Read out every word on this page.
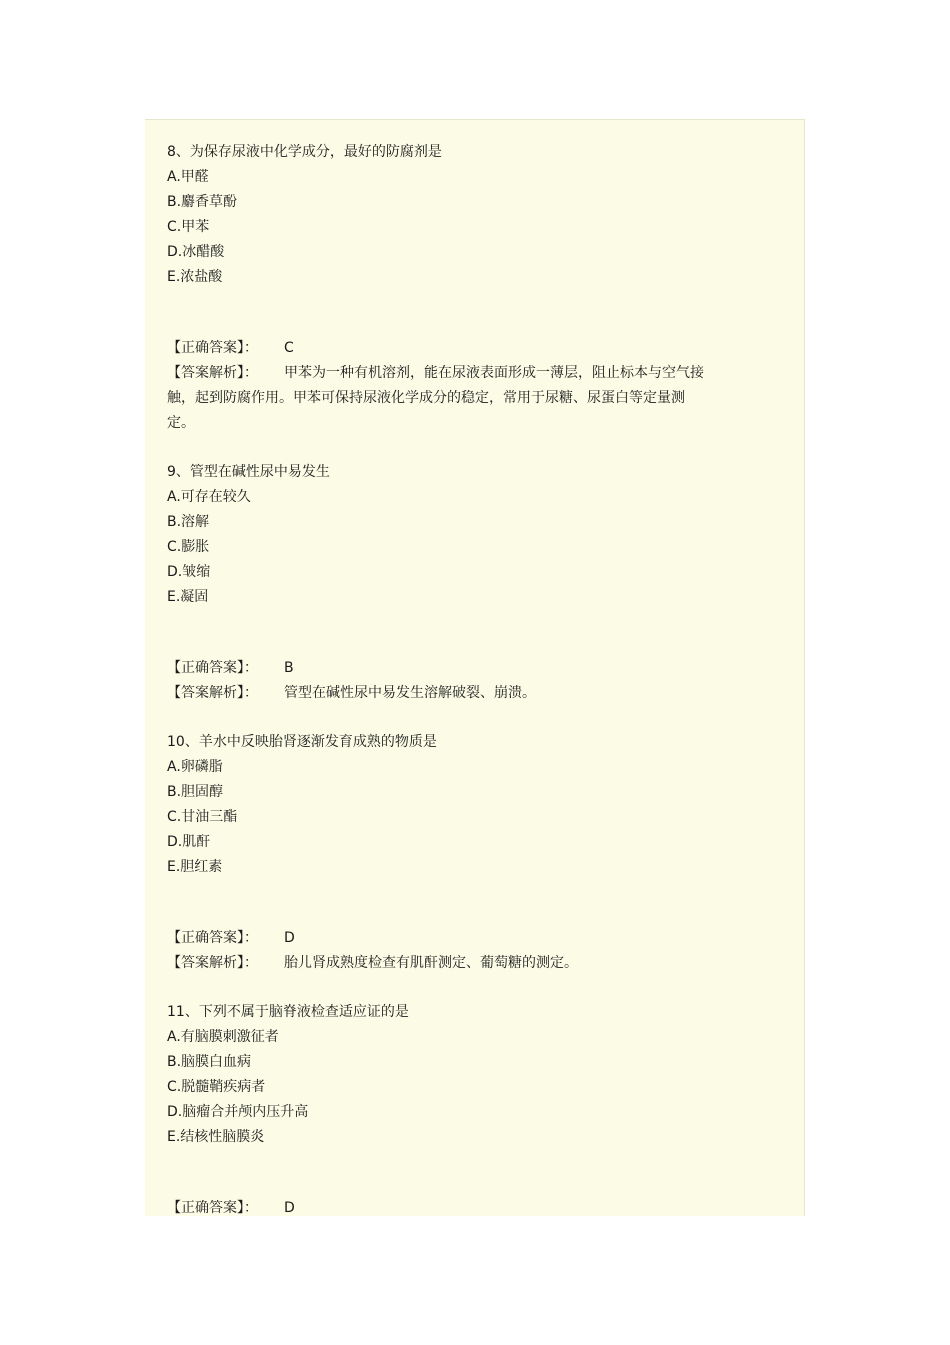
8、为保存尿液中化学成分，最好的防腐剂是
A.甲醛
B.麝香草酚
C.甲苯
D.冰醋酸
E.浓盐酸
【正确答案】： C
【答案解析】： 甲苯为一种有机溶剂，能在尿液表面形成一薄层，阻止标本与空气接
触，起到防腐作用。甲苯可保持尿液化学成分的稳定，常用于尿糖、尿蛋白等定量测
定。
9、管型在碱性尿中易发生
A.可存在较久
B.溶解
C.膨胀
D.皱缩
E.凝固
【正确答案】： B
【答案解析】： 管型在碱性尿中易发生溶解破裂、崩溃。
10、羊水中反映胎肾逐渐发育成熟的物质是
A.卵磷脂
B.胆固醇
C.甘油三酯
D.肌酐
E.胆红素
【正确答案】： D
【答案解析】： 胎儿肾成熟度检查有肌酐测定、葡萄糖的测定。
11、下列不属于脑脊液检查适应证的是
A.有脑膜刺激征者
B.脑膜白血病
C.脱髓鞘疾病者
D.脑瘤合并颅内压升高
E.结核性脑膜炎
【正确答案】： D
